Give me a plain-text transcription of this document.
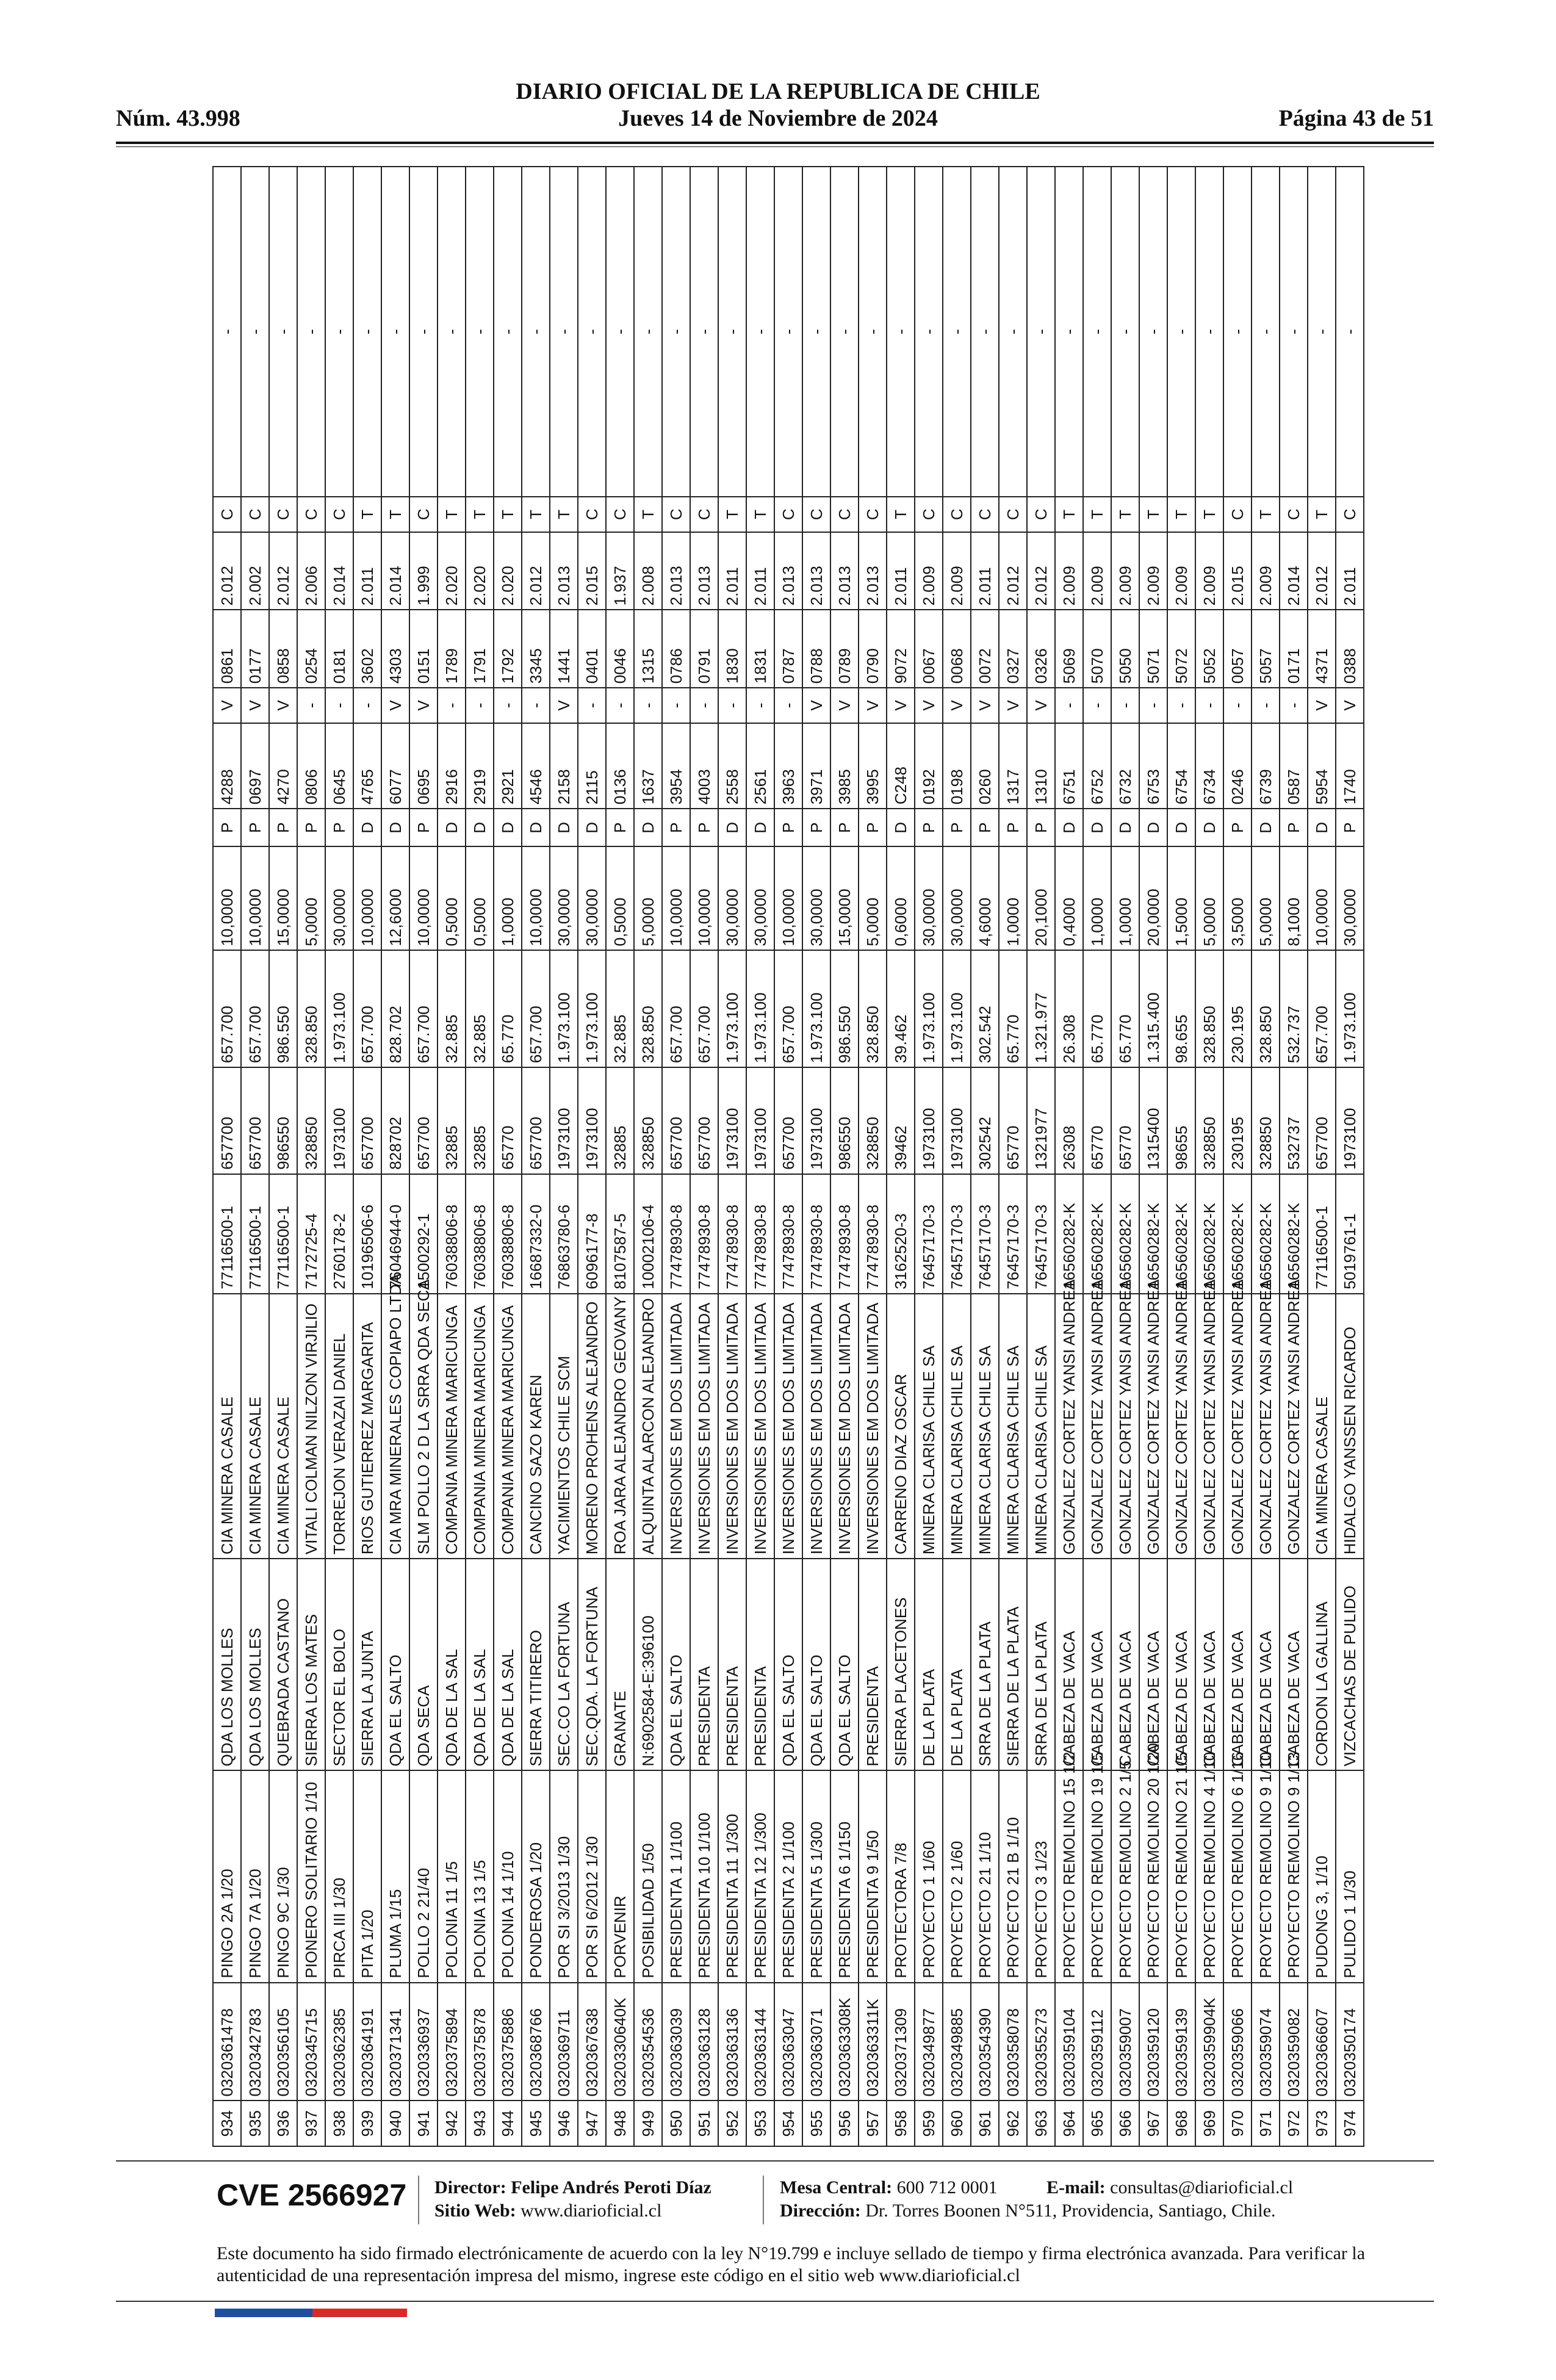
DIARIO OFICIAL DE LA REPUBLICA DE CHILE
Núm. 43.998	Jueves 14 de Noviembre de 2024	Página 43 de 51
934	0320361478	PINGO 2A 1/20	QDA LOS MOLLES	CIA MINERA CASALE	77116500-1	657700	657.700	10,0000	P	4288	V	0861	2.012	C	-
935	0320342783	PINGO 7A 1/20	QDA LOS MOLLES	CIA MINERA CASALE	77116500-1	657700	657.700	10,0000	P	0697	V	0177	2.002	C	-
936	0320356105	PINGO 9C 1/30	QUEBRADA CASTANO	CIA MINERA CASALE	77116500-1	986550	986.550	15,0000	P	4270	V	0858	2.012	C	-
937	0320345715	PIONERO SOLITARIO 1/10	SIERRA LOS MATES	VITALI COLMAN NILZON VIRJILIO	7172725-4	328850	328.850	5,0000	P	0806	-	0254	2.006	C	-
938	0320362385	PIRCA III 1/30	SECTOR EL BOLO	TORREJON VERAZAI DANIEL	2760178-2	1973100	1.973.100	30,0000	P	0645	-	0181	2.014	C	-
939	0320364191	PITA 1/20	SIERRA LA JUNTA	RIOS GUTIERREZ MARGARITA	10196506-6	657700	657.700	10,0000	D	4765	-	3602	2.011	T	-
940	0320371341	PLUMA 1/15	QDA EL SALTO	CIA MRA MINERALES COPIAPO LTDA	76046944-0	828702	828.702	12,6000	D	6077	V	4303	2.014	T	-
941	0320336937	POLLO 2 21/40	QDA SECA	SLM POLLO 2 D LA SRRA QDA SECA	1500292-1	657700	657.700	10,0000	P	0695	V	0151	1.999	C	-
942	0320375894	POLONIA 11 1/5	QDA DE LA SAL	COMPANIA MINERA MARICUNGA	76038806-8	32885	32.885	0,5000	D	2916	-	1789	2.020	T	-
943	0320375878	POLONIA 13 1/5	QDA DE LA SAL	COMPANIA MINERA MARICUNGA	76038806-8	32885	32.885	0,5000	D	2919	-	1791	2.020	T	-
944	0320375886	POLONIA 14 1/10	QDA DE LA SAL	COMPANIA MINERA MARICUNGA	76038806-8	65770	65.770	1,0000	D	2921	-	1792	2.020	T	-
945	0320368766	PONDEROSA 1/20	SIERRA TITIRERO	CANCINO SAZO KAREN	16687332-0	657700	657.700	10,0000	D	4546	-	3345	2.012	T	-
946	0320369711	POR SI 3/2013 1/30	SEC.CO LA FORTUNA	YACIMIENTOS CHILE SCM	76863780-6	1973100	1.973.100	30,0000	D	2158	V	1441	2.013	T	-
947	0320367638	POR SI 6/2012 1/30	SEC.QDA. LA FORTUNA	MORENO PROHENS ALEJANDRO	6096177-8	1973100	1.973.100	30,0000	D	2115	-	0401	2.015	C	-
948	0320330640K	PORVENIR	GRANATE	ROA JARA ALEJANDRO GEOVANY	8107587-5	32885	32.885	0,5000	P	0136	-	0046	1.937	C	-
949	0320354536	POSIBILIDAD 1/50	N:6902584-E:396100	ALQUINTA ALARCON ALEJANDRO	10002106-4	328850	328.850	5,0000	D	1637	-	1315	2.008	T	-
950	0320363039	PRESIDENTA 1 1/100	QDA EL SALTO	INVERSIONES EM DOS LIMITADA	77478930-8	657700	657.700	10,0000	P	3954	-	0786	2.013	C	-
951	0320363128	PRESIDENTA 10 1/100	PRESIDENTA	INVERSIONES EM DOS LIMITADA	77478930-8	657700	657.700	10,0000	P	4003	-	0791	2.013	C	-
952	0320363136	PRESIDENTA 11 1/300	PRESIDENTA	INVERSIONES EM DOS LIMITADA	77478930-8	1973100	1.973.100	30,0000	D	2558	-	1830	2.011	T	-
953	0320363144	PRESIDENTA 12 1/300	PRESIDENTA	INVERSIONES EM DOS LIMITADA	77478930-8	1973100	1.973.100	30,0000	D	2561	-	1831	2.011	T	-
954	0320363047	PRESIDENTA 2 1/100	QDA EL SALTO	INVERSIONES EM DOS LIMITADA	77478930-8	657700	657.700	10,0000	P	3963	-	0787	2.013	C	-
955	0320363071	PRESIDENTA 5 1/300	QDA EL SALTO	INVERSIONES EM DOS LIMITADA	77478930-8	1973100	1.973.100	30,0000	P	3971	V	0788	2.013	C	-
956	0320363308K	PRESIDENTA 6 1/150	QDA EL SALTO	INVERSIONES EM DOS LIMITADA	77478930-8	986550	986.550	15,0000	P	3985	V	0789	2.013	C	-
957	0320363311K	PRESIDENTA 9 1/50	PRESIDENTA	INVERSIONES EM DOS LIMITADA	77478930-8	328850	328.850	5,0000	P	3995	V	0790	2.013	C	-
958	0320371309	PROTECTORA 7/8	SIERRA PLACETONES	CARRENO DIAZ OSCAR	3162520-3	39462	39.462	0,6000	D	C248	V	9072	2.011	T	-
959	0320349877	PROYECTO 1 1/60	DE LA PLATA	MINERA CLARISA CHILE SA	76457170-3	1973100	1.973.100	30,0000	P	0192	V	0067	2.009	C	-
960	0320349885	PROYECTO 2 1/60	DE LA PLATA	MINERA CLARISA CHILE SA	76457170-3	1973100	1.973.100	30,0000	P	0198	V	0068	2.009	C	-
961	0320354390	PROYECTO 21 1/10	SRRA DE LA PLATA	MINERA CLARISA CHILE SA	76457170-3	302542	302.542	4,6000	P	0260	V	0072	2.011	C	-
962	0320358078	PROYECTO 21 B 1/10	SIERRA DE LA PLATA	MINERA CLARISA CHILE SA	76457170-3	65770	65.770	1,0000	P	1317	V	0327	2.012	C	-
963	0320355273	PROYECTO 3 1/23	SRRA DE LA PLATA	MINERA CLARISA CHILE SA	76457170-3	1321977	1.321.977	20,1000	P	1310	V	0326	2.012	C	-
964	0320359104	PROYECTO REMOLINO 15 1/2	CABEZA DE VACA	GONZALEZ CORTEZ YANSI ANDREA	16560282-K	26308	26.308	0,4000	D	6751	-	5069	2.009	T	-
965	0320359112	PROYECTO REMOLINO 19 1/5	CABEZA DE VACA	GONZALEZ CORTEZ YANSI ANDREA	16560282-K	65770	65.770	1,0000	D	6752	-	5070	2.009	T	-
966	0320359007	PROYECTO REMOLINO 2 1/5	CABEZA DE VACA	GONZALEZ CORTEZ YANSI ANDREA	16560282-K	65770	65.770	1,0000	D	6732	-	5050	2.009	T	-
967	0320359120	PROYECTO REMOLINO 20 1/20	CABEZA DE VACA	GONZALEZ CORTEZ YANSI ANDREA	16560282-K	1315400	1.315.400	20,0000	D	6753	-	5071	2.009	T	-
968	0320359139	PROYECTO REMOLINO 21 1/5	CABEZA DE VACA	GONZALEZ CORTEZ YANSI ANDREA	16560282-K	98655	98.655	1,5000	D	6754	-	5072	2.009	T	-
969	0320359904K	PROYECTO REMOLINO 4 1/10	CABEZA DE VACA	GONZALEZ CORTEZ YANSI ANDREA	16560282-K	328850	328.850	5,0000	D	6734	-	5052	2.009	T	-
970	0320359066	PROYECTO REMOLINO 6 1/16	CABEZA DE VACA	GONZALEZ CORTEZ YANSI ANDREA	16560282-K	230195	230.195	3,5000	P	0246	-	0057	2.015	C	-
971	0320359074	PROYECTO REMOLINO 9 1/10	CABEZA DE VACA	GONZALEZ CORTEZ YANSI ANDREA	16560282-K	328850	328.850	5,0000	D	6739	-	5057	2.009	T	-
972	0320359082	PROYECTO REMOLINO 9 1/13	CABEZA DE VACA	GONZALEZ CORTEZ YANSI ANDREA	16560282-K	532737	532.737	8,1000	P	0587	-	0171	2.014	C	-
973	0320366607	PUDONG 3, 1/10	CORDON LA GALLINA	CIA MINERA CASALE	77116500-1	657700	657.700	10,0000	D	5954	V	4371	2.012	T	-
974	0320350174	PULIDO 1 1/30	VIZCACHAS DE PULIDO	HIDALGO YANSSEN RICARDO	5019761-1	1973100	1.973.100	30,0000	P	1740	V	0388	2.011	C	-
CVE 2566927 Director: Felipe Andrés Peroti Díaz
Sitio Web: www.diarioficial.cl
Mesa Central: 600 712 0001	E-mail: consultas@diarioficial.cl
Dirección: Dr. Torres Boonen N°511, Providencia, Santiago, Chile.
Este documento ha sido firmado electrónicamente de acuerdo con la ley N°19.799 e incluye sellado de tiempo y firma electrónica avanzada. Para verificar la autenticidad de una representación impresa del mismo, ingrese este código en el sitio web www.diarioficial.cl
